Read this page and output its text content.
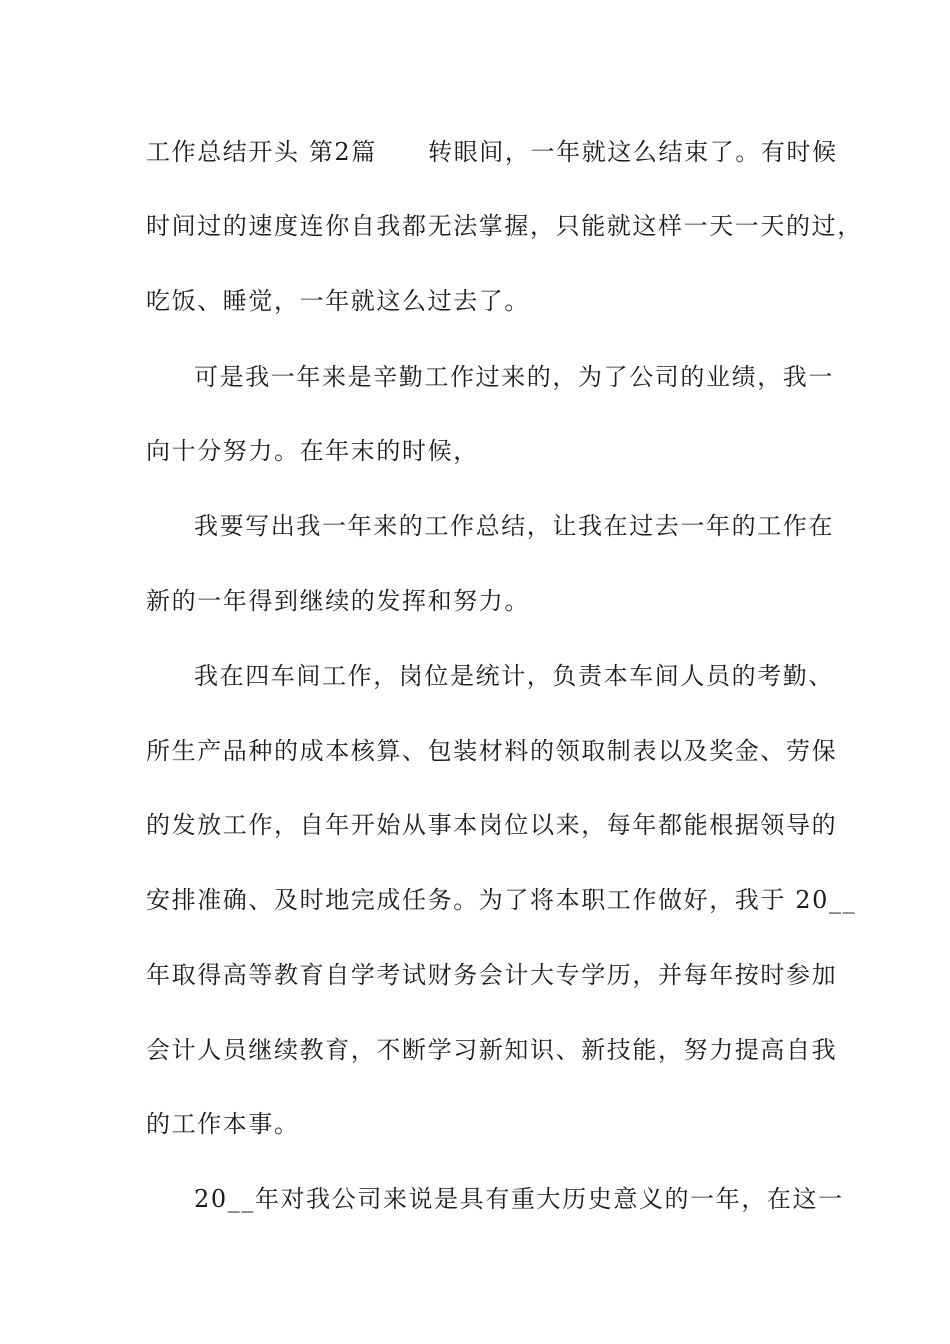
工作总结开头 第2篇　　转眼间，一年就这么结束了。有时候
时间过的速度连你自我都无法掌握，只能就这样一天一天的过，
吃饭、睡觉，一年就这么过去了。
可是我一年来是辛勤工作过来的，为了公司的业绩，我一
向十分努力。在年末的时候，
我要写出我一年来的工作总结，让我在过去一年的工作在
新的一年得到继续的发挥和努力。
我在四车间工作，岗位是统计，负责本车间人员的考勤、
所生产品种的成本核算、包装材料的领取制表以及奖金、劳保
的发放工作，自年开始从事本岗位以来，每年都能根据领导的
安排准确、及时地完成任务。为了将本职工作做好，我于 20__
年取得高等教育自学考试财务会计大专学历，并每年按时参加
会计人员继续教育，不断学习新知识、新技能，努力提高自我
的工作本事。
20__年对我公司来说是具有重大历史意义的一年，在这一
